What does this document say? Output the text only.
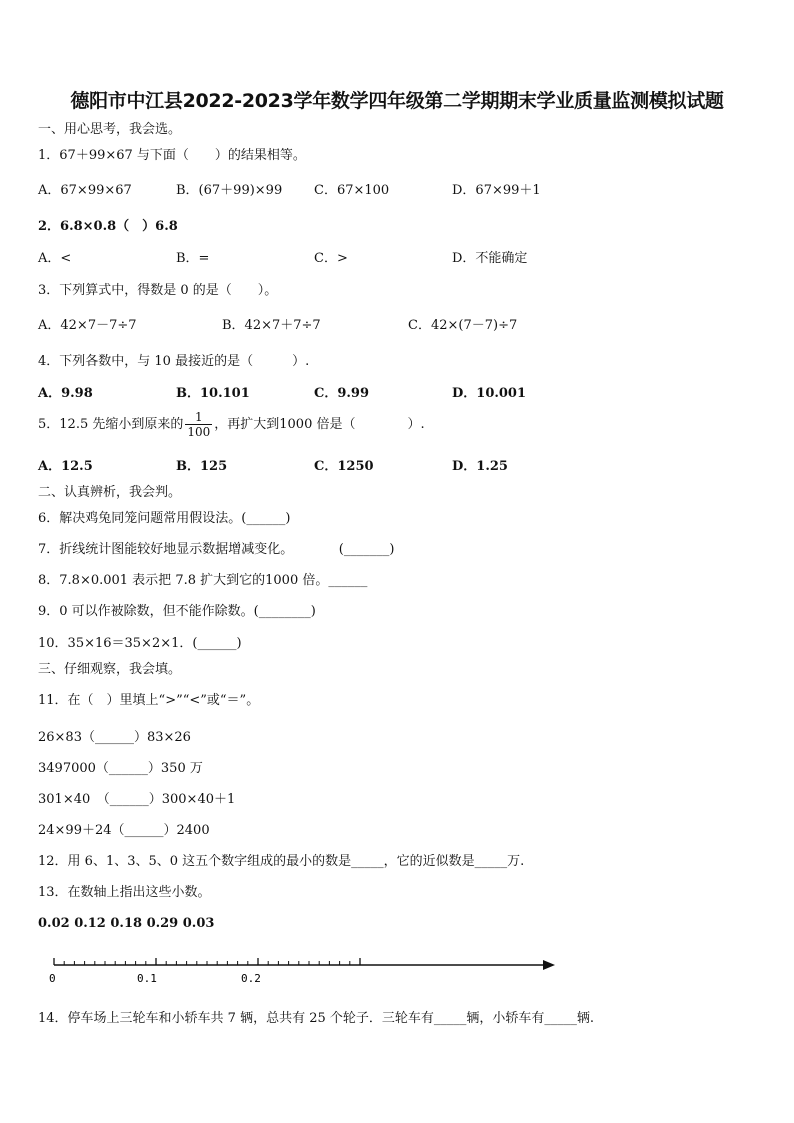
德阳市中江县2022-2023学年数学四年级第二学期期末学业质量监测模拟试题
一、用心思考，我会选。
1．67＋99×67 与下面（　　）的结果相等。
A．67×99×67	B．(67＋99)×99 C．67×100	D．67×99＋1
2．6.8×0.8（　）6.8
A．<	B．=	C．>	D．不能确定
3．下列算式中，得数是 0 的是（　　）。
A．42×7－7÷7	B．42×7＋7÷7	C．42×(7－7)÷7
4．下列各数中，与 10 最接近的是（　　　）.
A．9.98	B．10.101	C．9.99	D．10.001
5．12.5 先缩小到原来的 $\frac{1}{100}$ ，再扩大到1000 倍是（　　　　）.
A．12.5	B．125	C．1250	D．1.25
二、认真辨析，我会判。
6．解决鸡兔同笼问题常用假设法。(______)
7．折线统计图能较好地显示数据增减变化。　　　　(_______)
8．7.8×0.001 表示把 7.8 扩大到它的1000 倍。______
9．0 可以作被除数，但不能作除数。(________)
10．35×16＝35×2×1．(______)
三、仔细观察，我会填。
11．在（　）里填上“>”“<”或“＝”。
26×83（______）83×26
3497000（______）350 万
301×40　（______）300×40＋1
24×99＋24（______）2400
12．用 6、1、3、5、0 这五个数字组成的最小的数是_____，它的近似数是_____万.
13．在数轴上指出这些小数。
0.02 0.12 0.18 0.29 0.03
0	0.1	0.2
14．停车场上三轮车和小轿车共 7 辆，总共有 25 个轮子．三轮车有_____辆，小轿车有_____辆.
